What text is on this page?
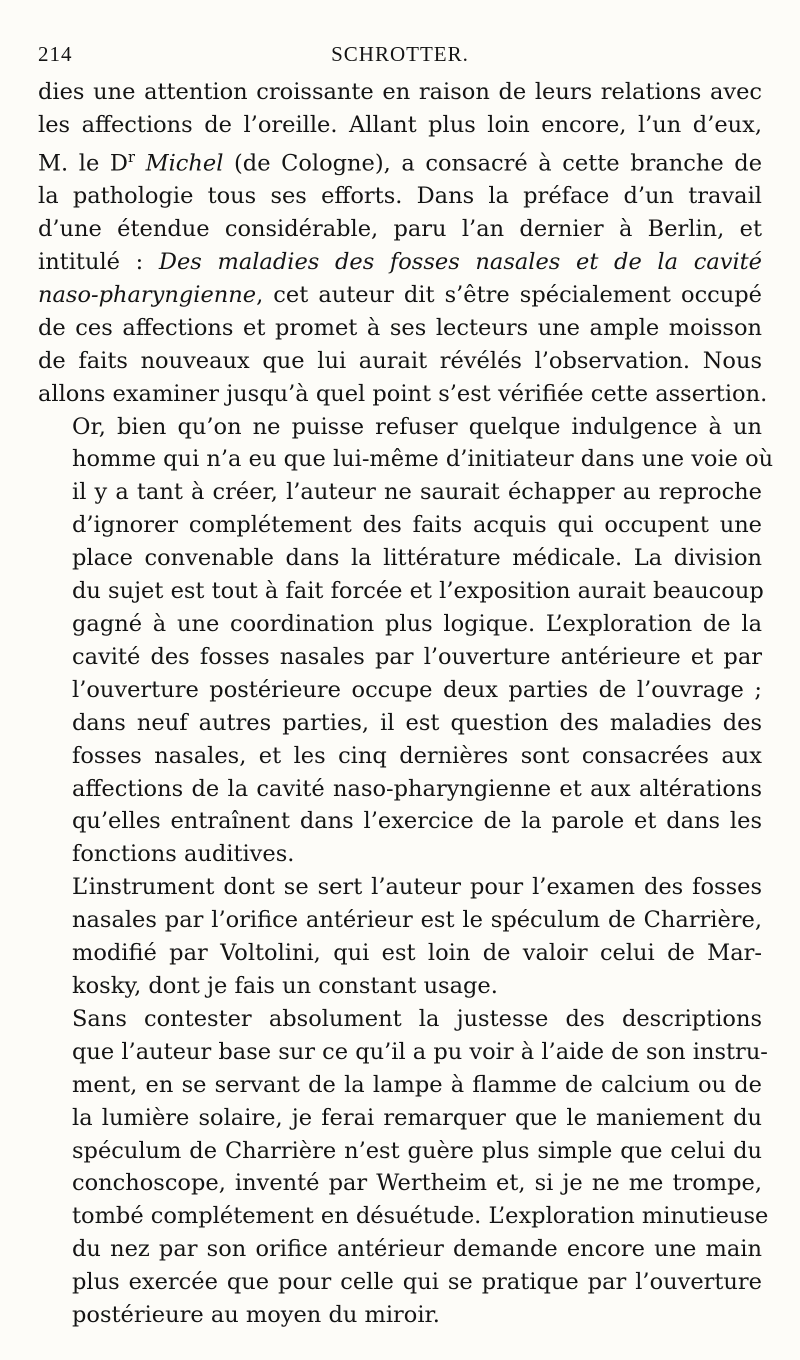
214	SCHROTTER.

dies une attention croissante en raison de leurs relations avec
les affections de l’oreille. Allant plus loin encore, l’un d’eux,
M. le $D^r$ Michel (de Cologne), a consacré à cette branche de
la pathologie tous ses efforts. Dans la préface d’un travail
d’une étendue considérable, paru l’an dernier à Berlin, et
intitulé : Des maladies des fosses nasales et de la cavité
naso-pharyngienne, cet auteur dit s’être spécialement occupé
de ces affections et promet à ses lecteurs une ample moisson
de faits nouveaux que lui aurait révélés l’observation. Nous
allons examiner jusqu’à quel point s’est vérifiée cette assertion.

Or, bien qu’on ne puisse refuser quelque indulgence à un
homme qui n’a eu que lui-même d’initiateur dans une voie où
il y a tant à créer, l’auteur ne saurait échapper au reproche
d’ignorer complétement des faits acquis qui occupent une
place convenable dans la littérature médicale. La division
du sujet est tout à fait forcée et l’exposition aurait beaucoup
gagné à une coordination plus logique. L’exploration de la
cavité des fosses nasales par l’ouverture antérieure et par
l’ouverture postérieure occupe deux parties de l’ouvrage ;
dans neuf autres parties, il est question des maladies des
fosses nasales, et les cinq dernières sont consacrées aux
affections de la cavité naso-pharyngienne et aux altérations
qu’elles entraînent dans l’exercice de la parole et dans les
fonctions auditives.

L’instrument dont se sert l’auteur pour l’examen des fosses
nasales par l’orifice antérieur est le spéculum de Charrière,
modifié par Voltolini, qui est loin de valoir celui de Mar-
kosky, dont je fais un constant usage.

Sans contester absolument la justesse des descriptions
que l’auteur base sur ce qu’il a pu voir à l’aide de son instru-
ment, en se servant de la lampe à flamme de calcium ou de
la lumière solaire, je ferai remarquer que le maniement du
spéculum de Charrière n’est guère plus simple que celui du
conchoscope, inventé par Wertheim et, si je ne me trompe,
tombé complétement en désuétude. L’exploration minutieuse
du nez par son orifice antérieur demande encore une main
plus exercée que pour celle qui se pratique par l’ouverture
postérieure au moyen du miroir.
